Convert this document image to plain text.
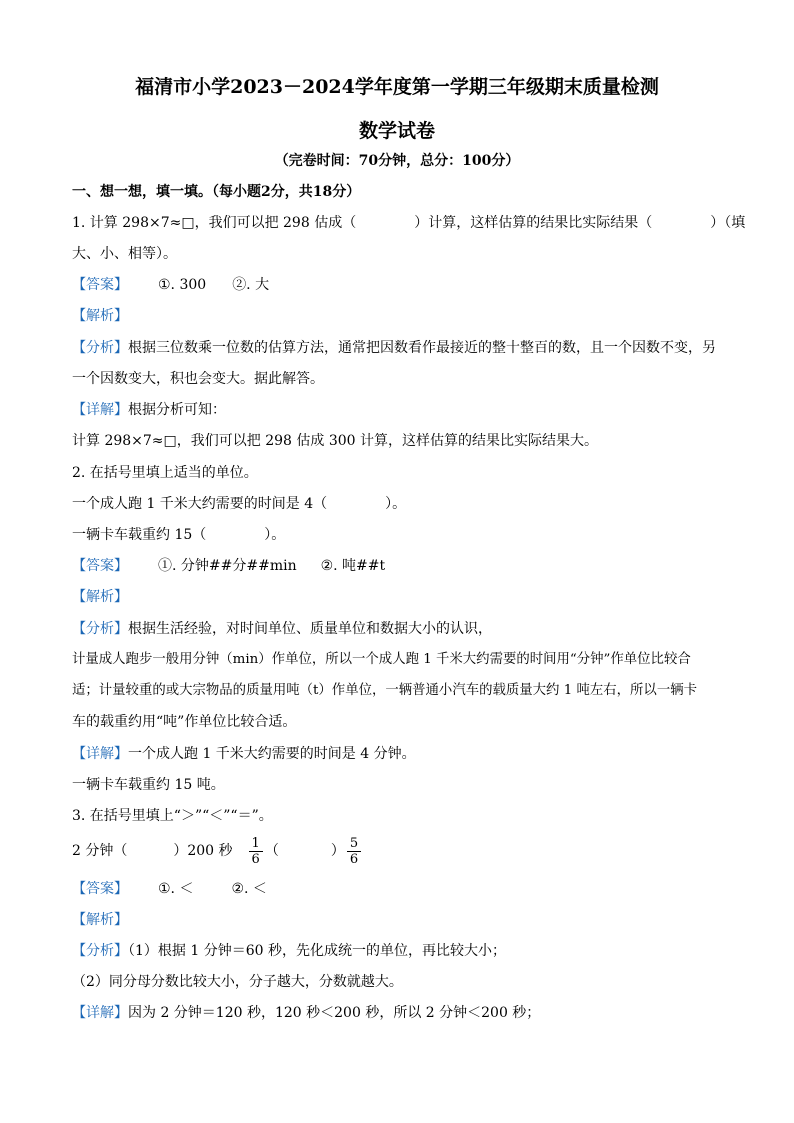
福清市小学2023－2024学年度第一学期三年级期末质量检测
数学试卷
（完卷时间：70分钟，总分：100分）
一、想一想，填一填。（每小题2分，共18分）
1. 计算 298×7≈□，我们可以把 298 估成（	）计算，这样估算的结果比实际结果（	）（填
大、小、相等）。
【答案】 ①. 300 ②. 大
【解析】
【分析】根据三位数乘一位数的估算方法，通常把因数看作最接近的整十整百的数，且一个因数不变，另
一个因数变大，积也会变大。据此解答。
【详解】根据分析可知：
计算 298×7≈□，我们可以把 298 估成 300 计算，这样估算的结果比实际结果大。
2. 在括号里填上适当的单位。
一个成人跑 1 千米大约需要的时间是 4（	）。
一辆卡车载重约 15（	）。
【答案】 ①. 分钟##分##min ②. 吨##t
【解析】
【分析】根据生活经验，对时间单位、质量单位和数据大小的认识，
计量成人跑步一般用分钟（min）作单位，所以一个成人跑 1 千米大约需要的时间用“分钟”作单位比较合
适；计量较重的或大宗物品的质量用吨（t）作单位，一辆普通小汽车的载质量大约 1 吨左右，所以一辆卡
车的载重约用“吨”作单位比较合适。
【详解】一个成人跑 1 千米大约需要的时间是 4 分钟。
一辆卡车载重约 15 吨。
3. 在括号里填上“＞”“＜”“＝”。
2 分钟（	）200 秒 $\frac{1}{6}$ （	） $\frac{5}{6}$
【答案】 ①. ＜	②. ＜
【解析】
【分析】（1）根据 1 分钟＝60 秒，先化成统一的单位，再比较大小；
（2）同分母分数比较大小，分子越大，分数就越大。
【详解】因为 2 分钟＝120 秒，120 秒＜200 秒，所以 2 分钟＜200 秒；
